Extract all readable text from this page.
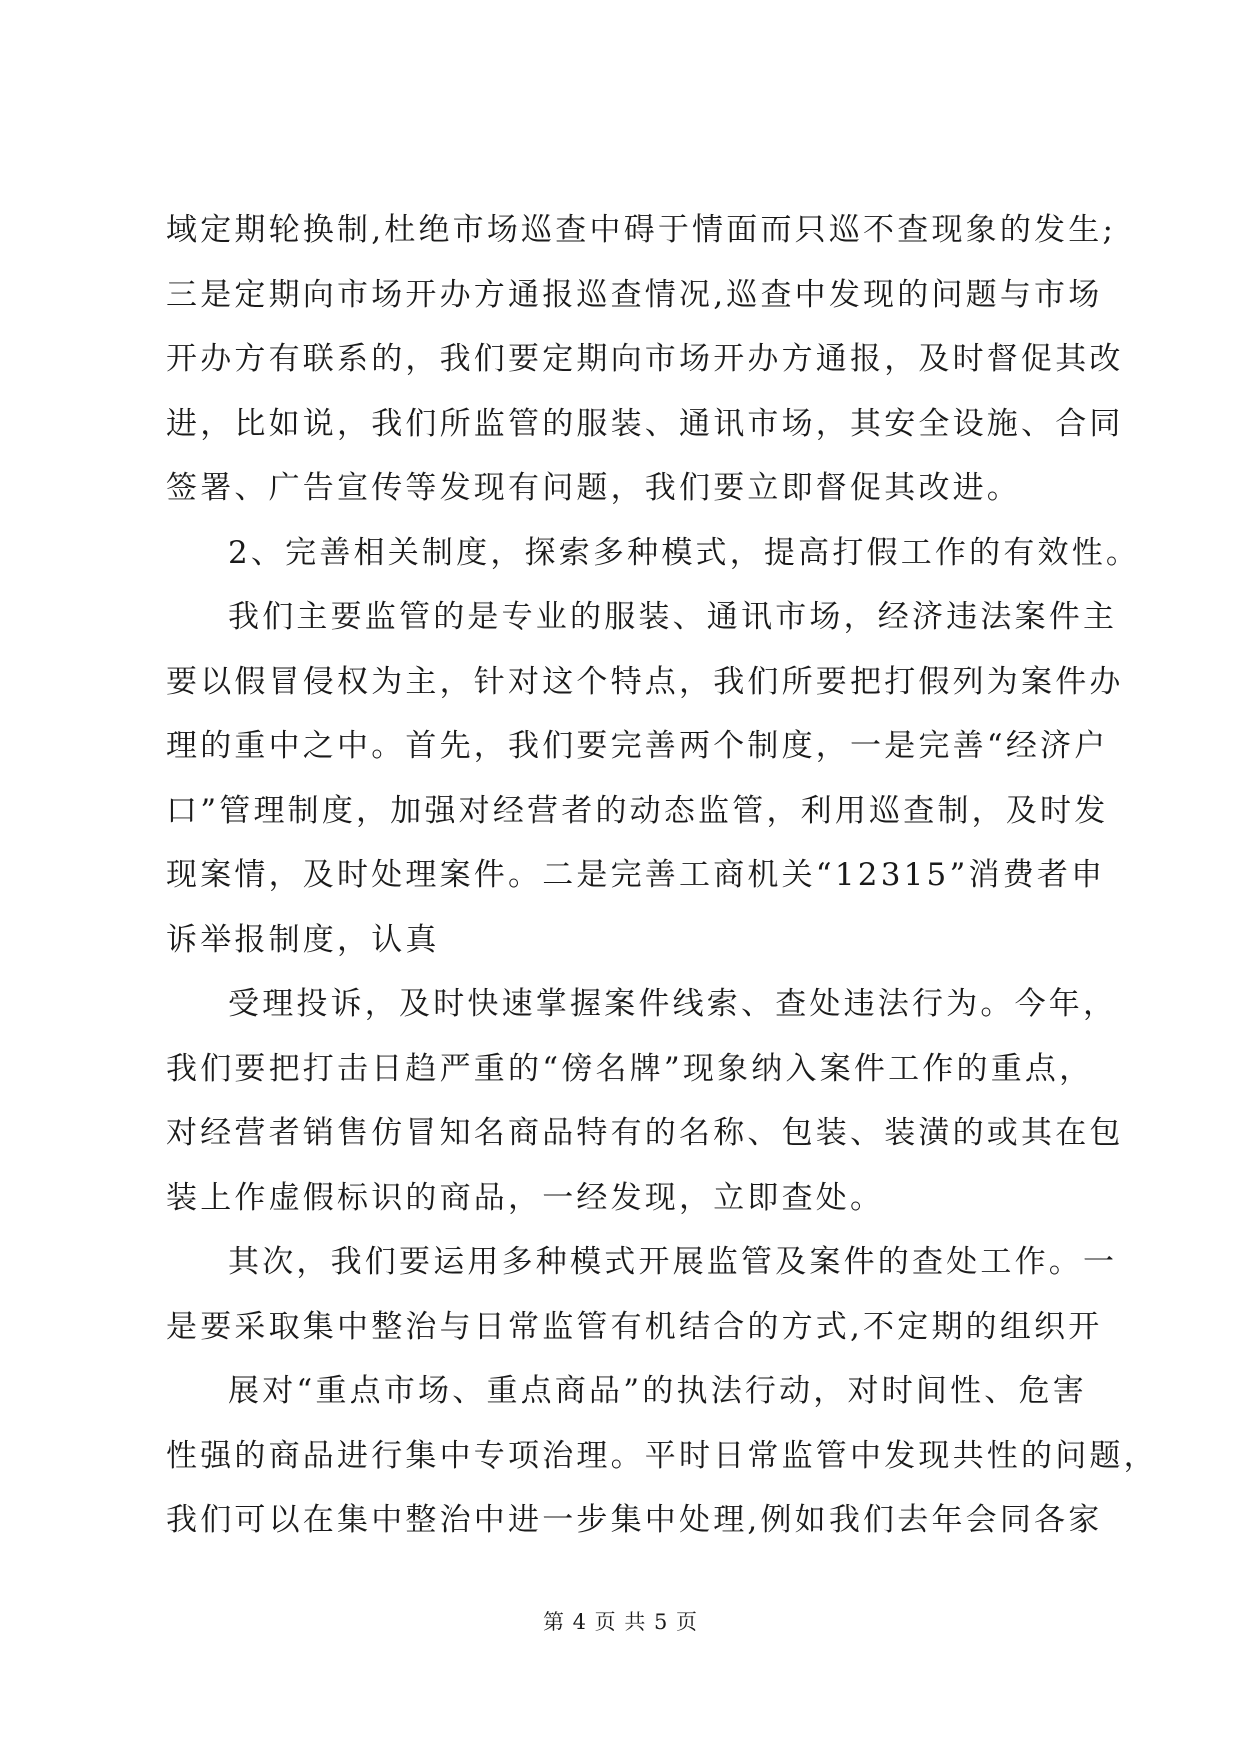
域定期轮换制,杜绝市场巡查中碍于情面而只巡不查现象的发生;
三是定期向市场开办方通报巡查情况,巡查中发现的问题与市场
开办方有联系的，我们要定期向市场开办方通报，及时督促其改
进，比如说，我们所监管的服装、通讯市场，其安全设施、合同
签署、广告宣传等发现有问题，我们要立即督促其改进。
2、完善相关制度，探索多种模式，提高打假工作的有效性。
我们主要监管的是专业的服装、通讯市场，经济违法案件主
要以假冒侵权为主，针对这个特点，我们所要把打假列为案件办
理的重中之中。首先，我们要完善两个制度，一是完善“经济户
口”管理制度，加强对经营者的动态监管，利用巡查制，及时发
现案情，及时处理案件。二是完善工商机关“12315”消费者申
诉举报制度，认真
受理投诉，及时快速掌握案件线索、查处违法行为。今年，
我们要把打击日趋严重的“傍名牌”现象纳入案件工作的重点，
对经营者销售仿冒知名商品特有的名称、包装、装潢的或其在包
装上作虚假标识的商品，一经发现，立即查处。
其次，我们要运用多种模式开展监管及案件的查处工作。一
是要采取集中整治与日常监管有机结合的方式,不定期的组织开
展对“重点市场、重点商品”的执法行动，对时间性、危害
性强的商品进行集中专项治理。平时日常监管中发现共性的问题，
我们可以在集中整治中进一步集中处理,例如我们去年会同各家
第 4 页 共 5 页
